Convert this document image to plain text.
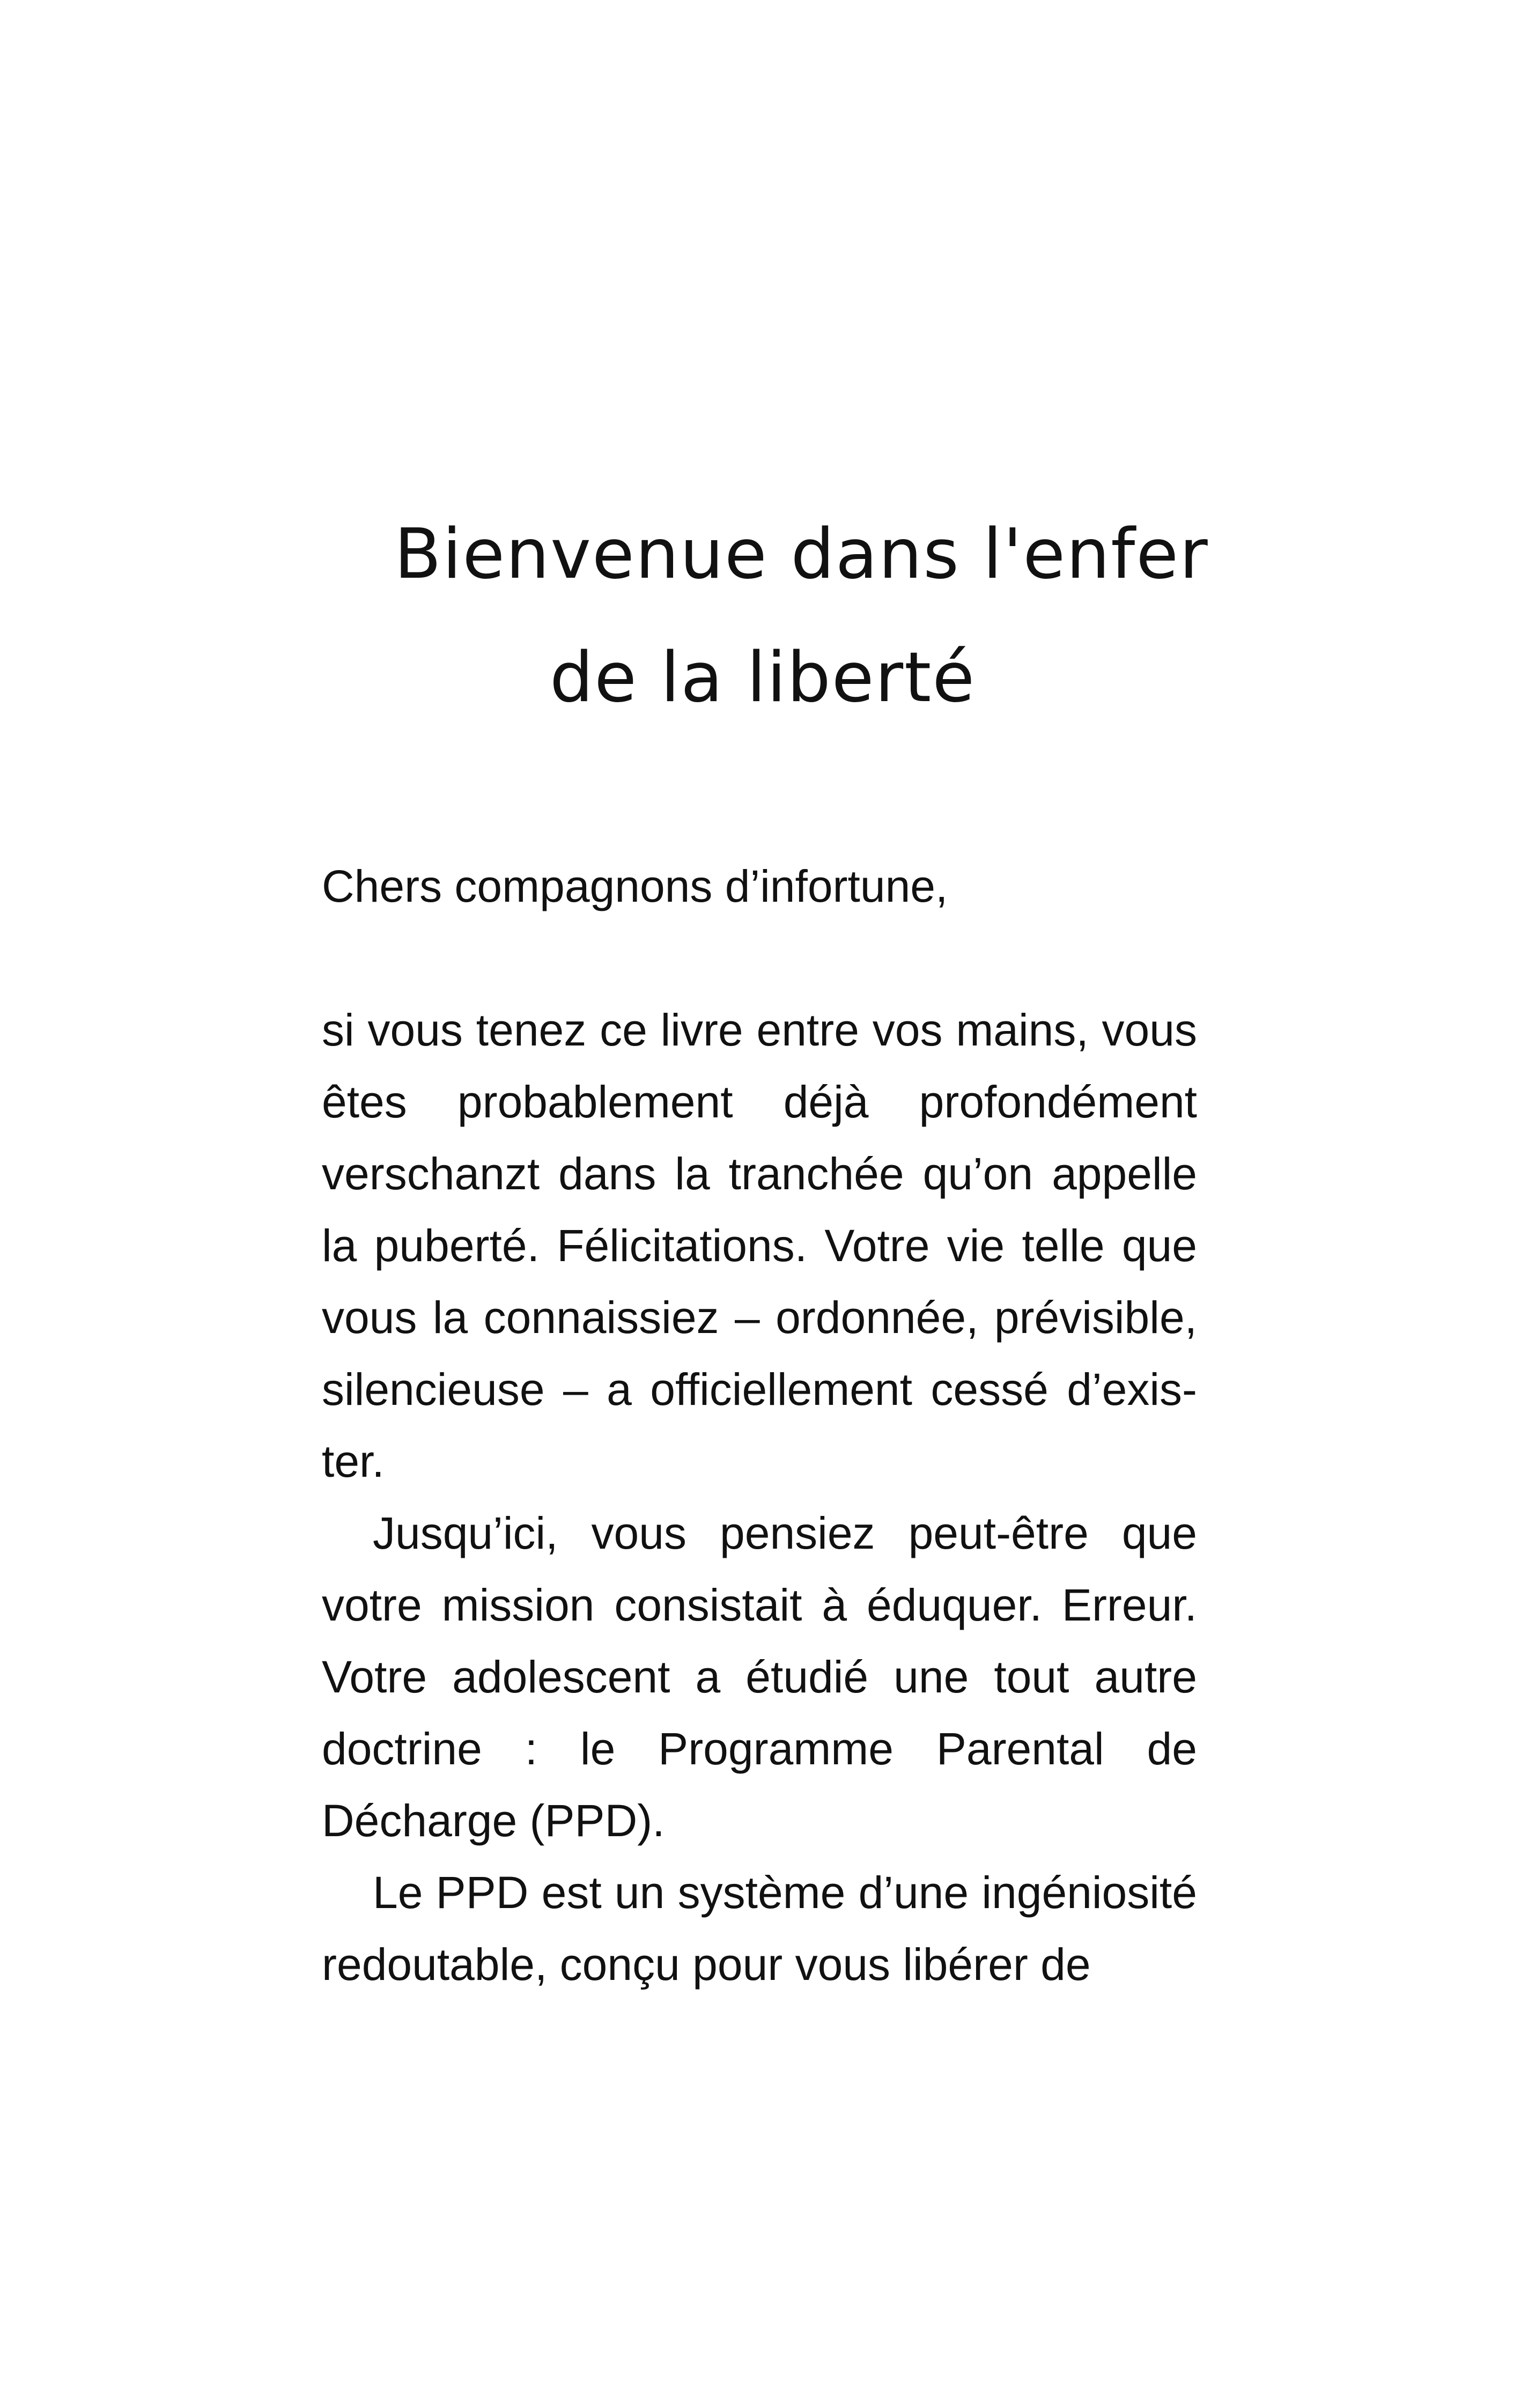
Bienvenue dans l'enfer
de la liberté

Chers compagnons d’infortune,

si vous tenez ce livre entre vos mains, vous êtes probablement déjà profondément verschanzt dans la tranchée qu’on appelle la puberté. Félicitations. Votre vie telle que vous la connaissiez – ordonnée, prévisible, silencieuse – a officiellement cessé d’exister.

Jusqu’ici, vous pensiez peut-être que votre mission consistait à éduquer. Erreur. Votre adolescent a étudié une tout autre doctrine : le Programme Parental de Décharge (PPD).

Le PPD est un système d’une ingéniosité redoutable, conçu pour vous libérer de
